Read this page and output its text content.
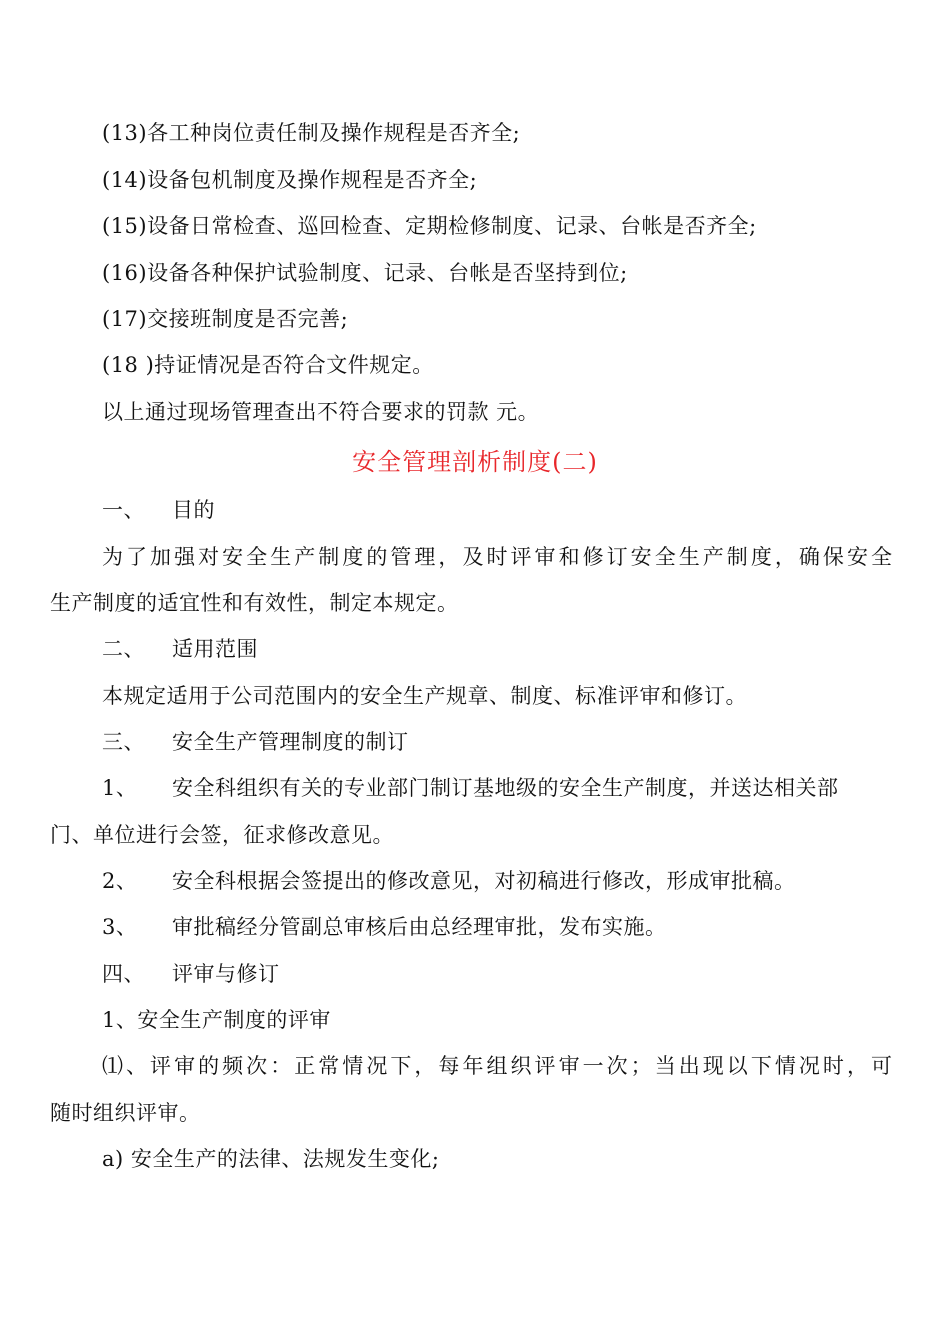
(13)各工种岗位责任制及操作规程是否齐全;
(14)设备包机制度及操作规程是否齐全;
(15)设备日常检查、巡回检查、定期检修制度、记录、台帐是否齐全;
(16)设备各种保护试验制度、记录、台帐是否坚持到位;
(17)交接班制度是否完善;
(18 )持证情况是否符合文件规定。
以上通过现场管理查出不符合要求的罚款 元。
安全管理剖析制度(二)
一、 目的
为了加强对安全生产制度的管理，及时评审和修订安全生产制度，确保安全
生产制度的适宜性和有效性，制定本规定。
二、 适用范围
本规定适用于公司范围内的安全生产规章、制度、标准评审和修订。
三、 安全生产管理制度的制订
1、 安全科组织有关的专业部门制订基地级的安全生产制度，并送达相关部
门、单位进行会签，征求修改意见。
2、 安全科根据会签提出的修改意见，对初稿进行修改，形成审批稿。
3、 审批稿经分管副总审核后由总经理审批，发布实施。
四、 评审与修订
1、安全生产制度的评审
⑴、评审的频次：正常情况下，每年组织评审一次；当出现以下情况时，可
随时组织评审。
a) 安全生产的法律、法规发生变化;
